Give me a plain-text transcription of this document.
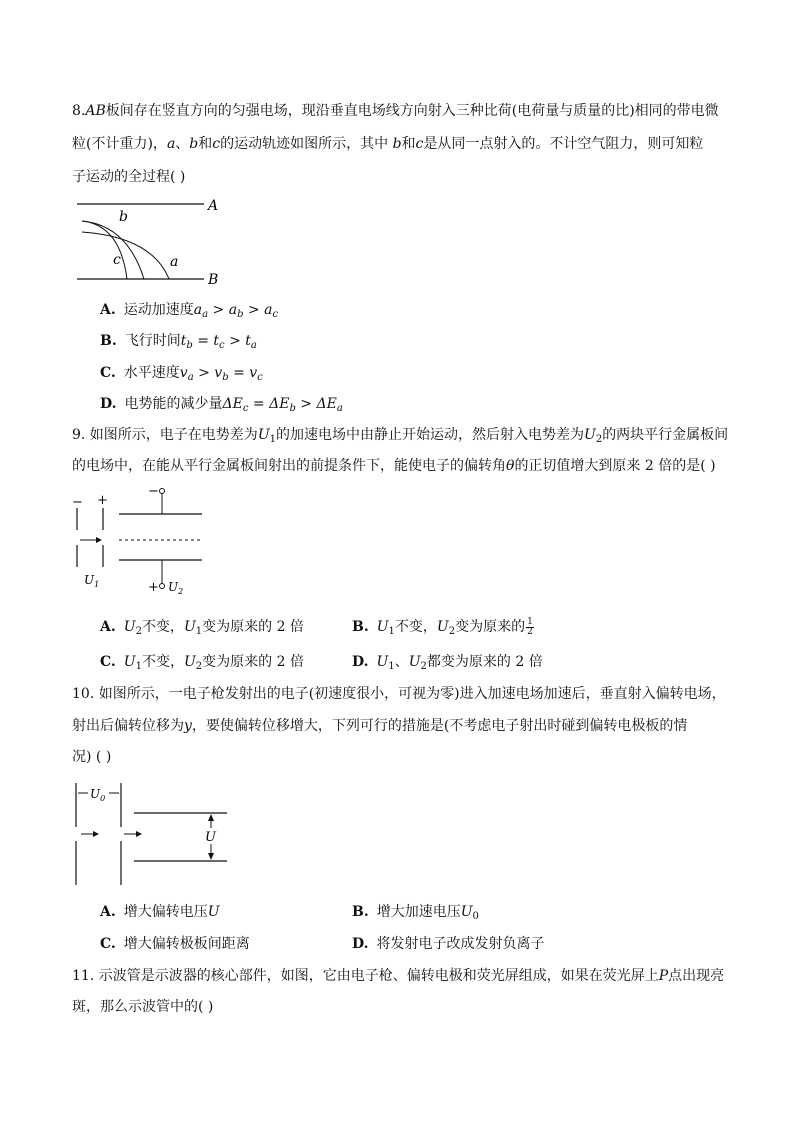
8.AB板间存在竖直方向的匀强电场，现沿垂直电场线方向射入三种比荷(电荷量与质量的比)相同的带电微
粒(不计重力)，a、b和c的运动轨迹如图所示，其中 b和c是从同一点射入的。不计空气阻力，则可知粒
子运动的全过程( )
A
B
b
c	a
A. 运动加速度$a_a > a_b > a_c$
B. 飞行时间$t_b = t_c > t_a$
C. 水平速度$v_a > v_b = v_c$
D. 电势能的减少量$\Delta E_c = \Delta E_b > \Delta E_a$
9. 如图所示，电子在电势差为$U_1$的加速电场中由静止开始运动，然后射入电势差为$U_2$的两块平行金属板间
的电场中，在能从平行金属板间射出的前提条件下，能使电子的偏转角θ的正切值增大到原来 2 倍的是( )
− +
−
+
$U_1$	$U_2$
A. $U_2$不变，$U_1$变为原来的 2 倍	B. $U_1$不变，$U_2$变为原来的 $\frac{1}{2}$
C. $U_1$不变，$U_2$变为原来的 2 倍	D. $U_1$、$U_2$都变为原来的 2 倍
10. 如图所示，一电子枪发射出的电子(初速度很小，可视为零)进入加速电场加速后，垂直射入偏转电场，
射出后偏转位移为y，要使偏转位移增大，下列可行的措施是(不考虑电子射出时碰到偏转电极板的情
况) ( )
$U_0$
U
A. 增大偏转电压U	B. 增大加速电压$U_0$
C. 增大偏转极板间距离	D. 将发射电子改成发射负离子
11. 示波管是示波器的核心部件，如图，它由电子枪、偏转电极和荧光屏组成，如果在荧光屏上P点出现亮
斑，那么示波管中的( )
